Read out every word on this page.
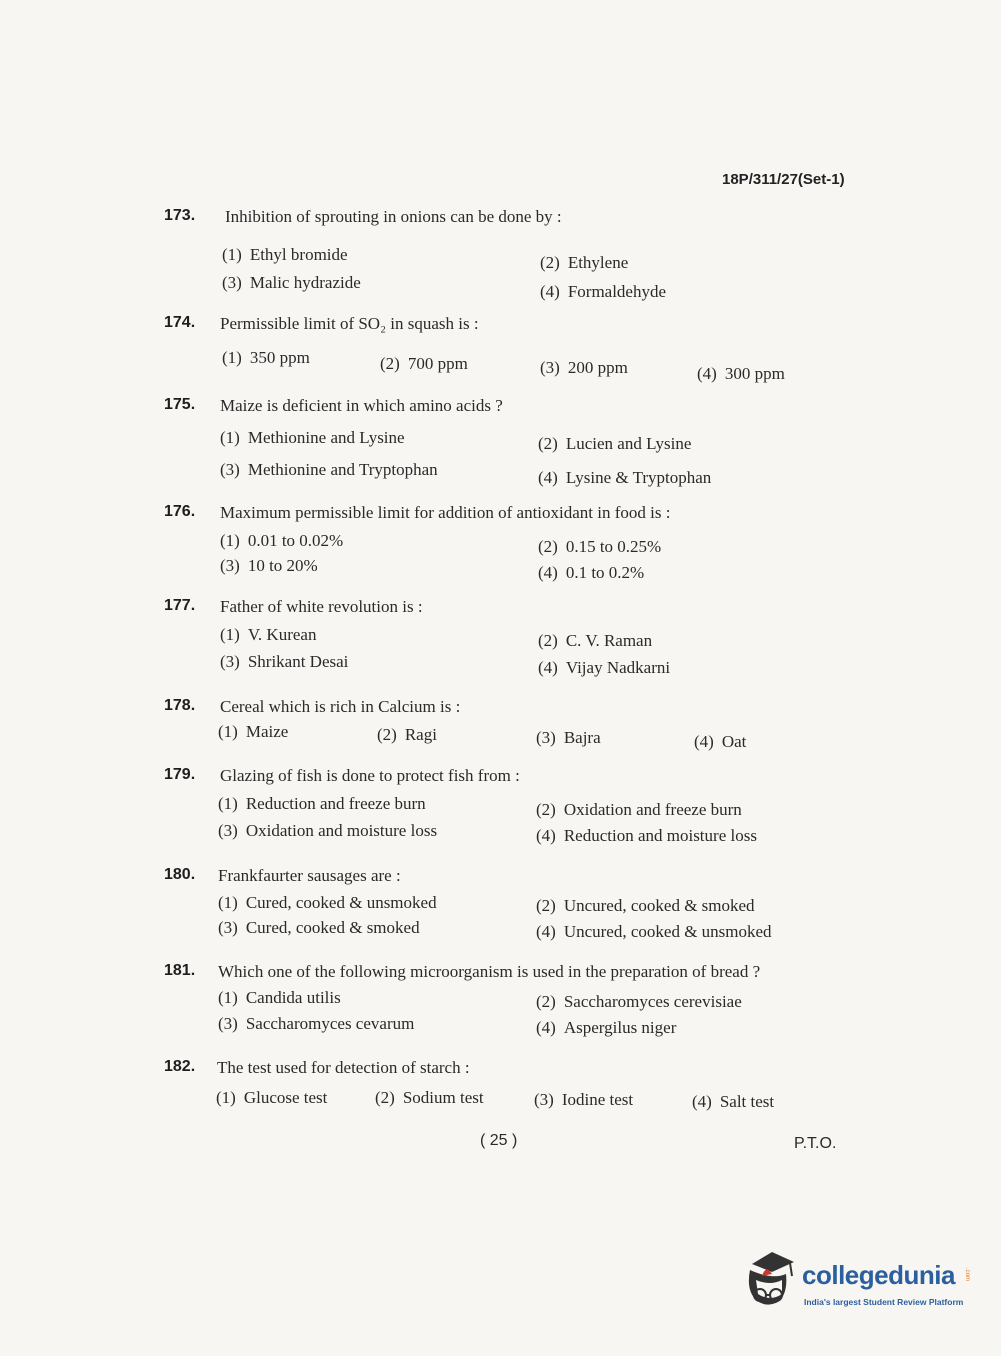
18P/311/27(Set-1)
173. Inhibition of sprouting in onions can be done by :
(1) Ethyl bromide	(2) Ethylene
(3) Malic hydrazide	(4) Formaldehyde
174. Permissible limit of SO₂ in squash is :
(1) 350 ppm	(2) 700 ppm	(3) 200 ppm	(4) 300 ppm
175. Maize is deficient in which amino acids ?
(1) Methionine and Lysine	(2) Lucien and Lysine
(3) Methionine and Tryptophan	(4) Lysine & Tryptophan
176. Maximum permissible limit for addition of antioxidant in food is :
(1) 0.01 to 0.02%	(2) 0.15 to 0.25%
(3) 10 to 20%	(4) 0.1 to 0.2%
177. Father of white revolution is :
(1) V. Kurean	(2) C. V. Raman
(3) Shrikant Desai	(4) Vijay Nadkarni
178. Cereal which is rich in Calcium is :
(1) Maize	(2) Ragi	(3) Bajra	(4) Oat
179. Glazing of fish is done to protect fish from :
(1) Reduction and freeze burn	(2) Oxidation and freeze burn
(3) Oxidation and moisture loss	(4) Reduction and moisture loss
180. Frankfaurter sausages are :
(1) Cured, cooked & unsmoked	(2) Uncured, cooked & smoked
(3) Cured, cooked & smoked	(4) Uncured, cooked & unsmoked
181. Which one of the following microorganism is used in the preparation of bread ?
(1) Candida utilis	(2) Saccharomyces cerevisiae
(3) Saccharomyces cevarum	(4) Aspergilus niger
182. The test used for detection of starch :
(1) Glucose test	(2) Sodium test	(3) Iodine test	(4) Salt test
( 25 )	P.T.O.
collegedunia .com
India's largest Student Review Platform
